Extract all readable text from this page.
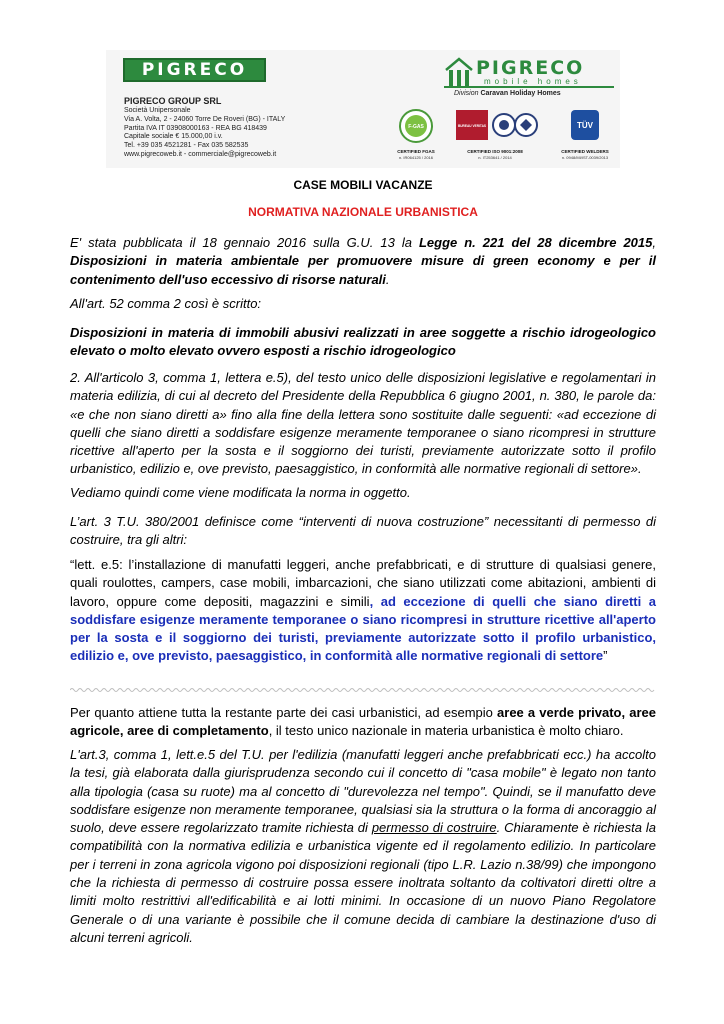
PIGRECO	PIGRECO
mobile homes
Division Caravan Holiday Homes
PIGRECO GROUP SRL
Società Unipersonale
Via A. Volta, 2 - 24060 Torre De Roveri (BG) - ITALY
Partita IVA IT 03908000163 - REA BG 418439
Capitale sociale € 15.000,00 i.v.
Tel. +39 035 4521281 - Fax 035 582535
www.pigrecoweb.it - commerciale@pigrecoweb.it
F-GAS
CERTIFIED FGAS
n. IR064125 / 2016
BUREAU VERITAS
CERTIFIED ISO 9001:2008
n. IT253641 / 2014
TÜV
CERTIFIED WELDERS
n. 0948/MI/IST-0039/2013
CASE MOBILI VACANZE
NORMATIVA NAZIONALE URBANISTICA

E' stata pubblicata il 18 gennaio 2016 sulla G.U. 13 la Legge n. 221 del 28 dicembre 2015, Disposizioni in materia ambientale per promuovere misure di green economy e per il contenimento dell'uso eccessivo di risorse naturali.

All'art. 52 comma 2 così è scritto:

Disposizioni in materia di immobili abusivi realizzati in aree soggette a rischio idrogeologico elevato o molto elevato ovvero esposti a rischio idrogeologico

2. All'articolo 3, comma 1, lettera e.5), del testo unico delle disposizioni legislative e regolamentari in materia edilizia, di cui al decreto del Presidente della Repubblica 6 giugno 2001, n. 380, le parole da: «e che non siano diretti a» fino alla fine della lettera sono sostituite dalle seguenti: «ad eccezione di quelli che siano diretti a soddisfare esigenze meramente temporanee o siano ricompresi in strutture ricettive all'aperto per la sosta e il soggiorno dei turisti, previamente autorizzate sotto il profilo urbanistico, edilizio e, ove previsto, paesaggistico, in conformità alle normative regionali di settore».

Vediamo quindi come viene modificata la norma in oggetto.

L’art. 3 T.U. 380/2001 definisce come “interventi di nuova costruzione” necessitanti di permesso di costruire, tra gli altri:

“lett. e.5: l’installazione di manufatti leggeri, anche prefabbricati, e di strutture di qualsiasi genere, quali roulottes, campers, case mobili, imbarcazioni, che siano utilizzati come abitazioni, ambienti di lavoro, oppure come depositi, magazzini e simili, ad eccezione di quelli che siano diretti a soddisfare esigenze meramente temporanee o siano ricompresi in strutture ricettive all'aperto per la sosta e il soggiorno dei turisti, previamente autorizzate sotto il profilo urbanistico, edilizio e, ove previsto, paesaggistico, in conformità alle normative regionali di settore”

Per quanto attiene tutta la restante parte dei casi urbanistici, ad esempio aree a verde privato, aree agricole, aree di completamento, il testo unico nazionale in materia urbanistica è molto chiaro.

L'art.3, comma 1, lett.e.5 del T.U. per l'edilizia (manufatti leggeri anche prefabbricati ecc.) ha accolto la tesi, già elaborata dalla giurisprudenza secondo cui il concetto di "casa mobile" è legato non tanto alla tipologia (casa su ruote) ma al concetto di "durevolezza nel tempo". Quindi, se il manufatto deve soddisfare esigenze non meramente temporanee, qualsiasi sia la struttura o la forma di ancoraggio al suolo, deve essere regolarizzato tramite richiesta di permesso di costruire. Chiaramente è richiesta la compatibilità con la normativa edilizia e urbanistica vigente ed il regolamento edilizio. In particolare per i terreni in zona agricola vigono poi disposizioni regionali (tipo L.R. Lazio n.38/99) che impongono che la richiesta di permesso di costruire possa essere inoltrata soltanto da coltivatori diretti oltre a limiti molto restrittivi all'edificabilità e ai lotti minimi. In occasione di un nuovo Piano Regolatore Generale o di una variante è possibile che il comune decida di cambiare la destinazione d'uso di alcuni terreni agricoli.
